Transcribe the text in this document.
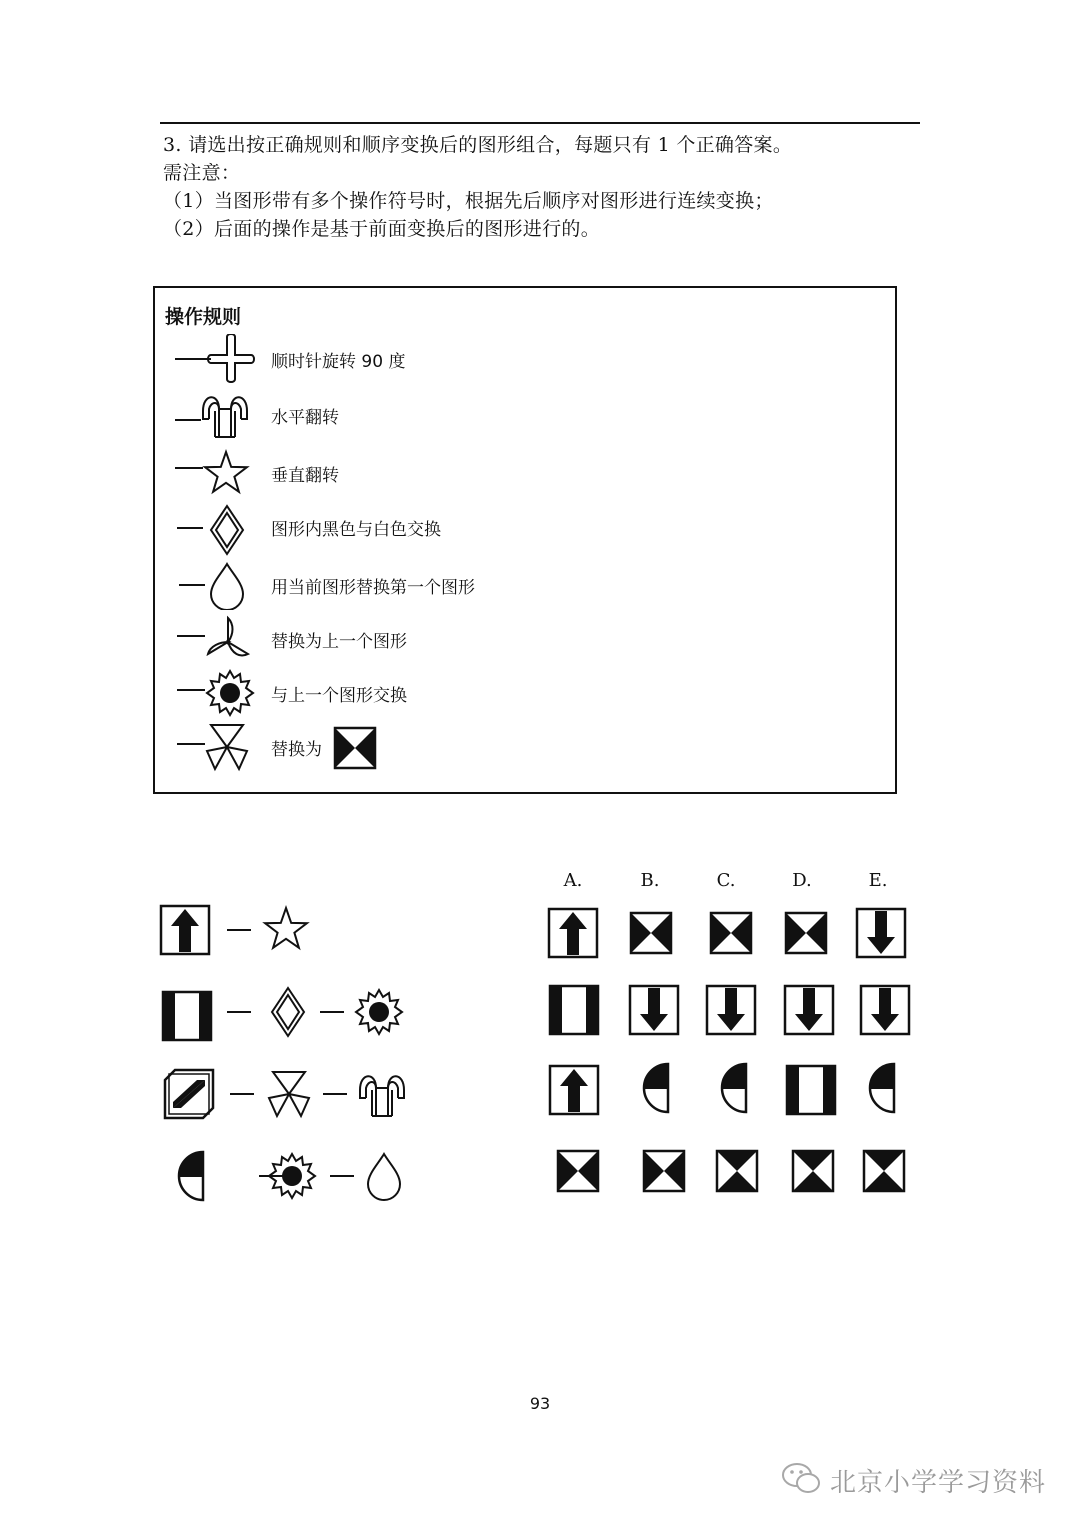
3. 请选出按正确规则和顺序变换后的图形组合，每题只有 1 个正确答案。
需注意：
（1）当图形带有多个操作符号时，根据先后顺序对图形进行连续变换；
（2）后面的操作是基于前面变换后的图形进行的。
操作规则
顺时针旋转 90 度
水平翻转
垂直翻转
图形内黑色与白色交换
用当前图形替换第一个图形
替换为上一个图形
与上一个图形交换
替换为
A.	B.	C.	D.	E.
93
北京小学学习资料
